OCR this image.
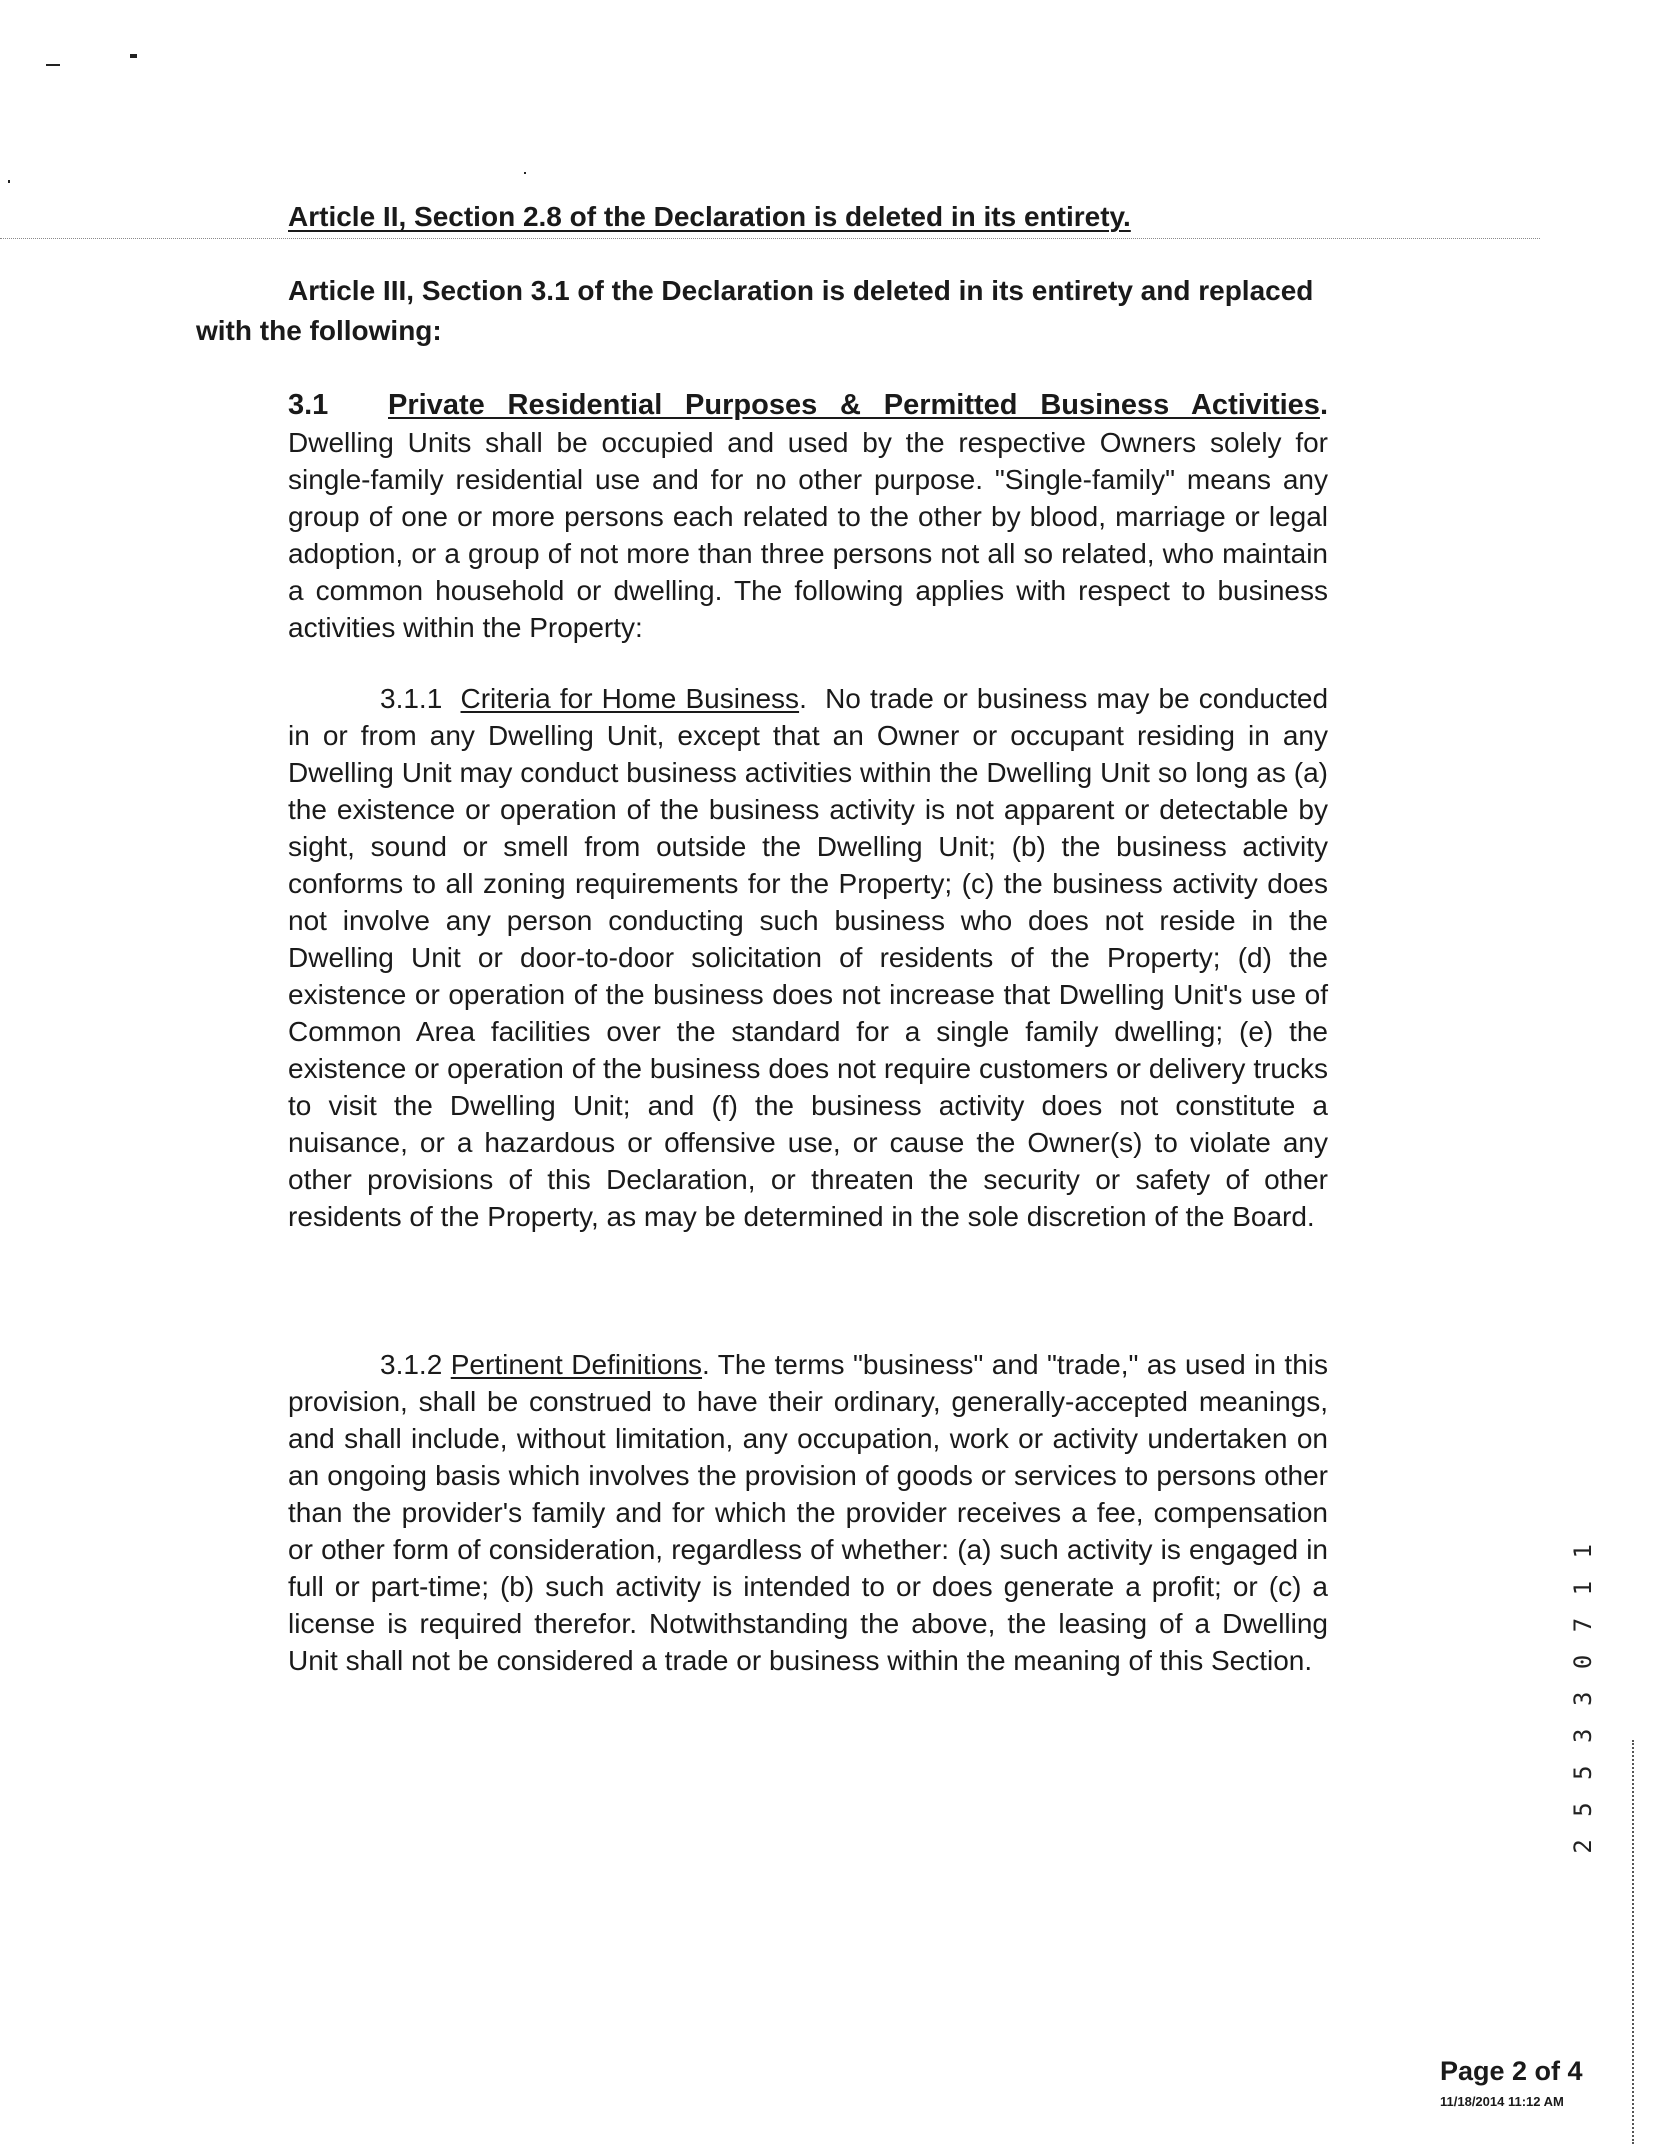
Article II, Section 2.8 of the Declaration is deleted in its entirety.
Article III, Section 3.1 of the Declaration is deleted in its entirety and replaced
with the following:

3.1 Private Residential Purposes & Permitted Business Activities. Dwelling Units shall be occupied and used by the respective Owners solely for single-family residential use and for no other purpose. "Single-family" means any group of one or more persons each related to the other by blood, marriage or legal adoption, or a group of not more than three persons not all so related, who maintain a common household or dwelling. The following applies with respect to business activities within the Property:

3.1.1 Criteria for Home Business. No trade or business may be conducted in or from any Dwelling Unit, except that an Owner or occupant residing in any Dwelling Unit may conduct business activities within the Dwelling Unit so long as (a) the existence or operation of the business activity is not apparent or detectable by sight, sound or smell from outside the Dwelling Unit; (b) the business activity conforms to all zoning requirements for the Property; (c) the business activity does not involve any person conducting such business who does not reside in the Dwelling Unit or door-to-door solicitation of residents of the Property; (d) the existence or operation of the business does not increase that Dwelling Unit's use of Common Area facilities over the standard for a single family dwelling; (e) the existence or operation of the business does not require customers or delivery trucks to visit the Dwelling Unit; and (f) the business activity does not constitute a nuisance, or a hazardous or offensive use, or cause the Owner(s) to violate any other provisions of this Declaration, or threaten the security or safety of other residents of the Property, as may be determined in the sole discretion of the Board.

3.1.2 Pertinent Definitions. The terms "business" and "trade," as used in this provision, shall be construed to have their ordinary, generally-accepted meanings, and shall include, without limitation, any occupation, work or activity undertaken on an ongoing basis which involves the provision of goods or services to persons other than the provider's family and for which the provider receives a fee, compensation or other form of consideration, regardless of whether: (a) such activity is engaged in full or part-time; (b) such activity is intended to or does generate a profit; or (c) a license is required therefor. Notwithstanding the above, the leasing of a Dwelling Unit shall not be considered a trade or business within the meaning of this Section.	2 5 5 3 3 0 7 1 1
Page 2 of 4
11/18/2014 11:12 AM
